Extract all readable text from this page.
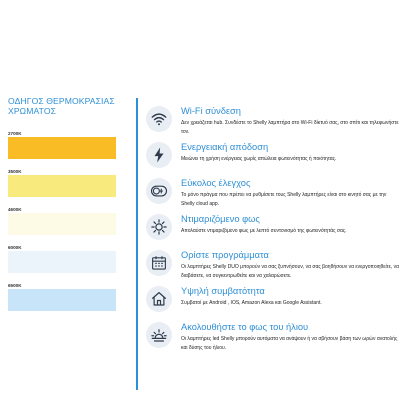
ΟΔΗΓΟΣ ΘΕΡΜΟΚΡΑΣΙΑΣ
ΧΡΩΜΑΤΟΣ
2700K
3500K
4600K
6000K
6500K
Wi-Fi σύνδεση
Δεν χρειάζεται hub. Συνδέστε το Shelly λαμπτήρα στο Wi-Fi δίκτυό σας, στο σπίτι και τηλεφωνήστε τον.
Ενεργειακή απόδοση
Μειώνει τη χρήση ενέργειας χωρίς απώλεια φωτεινότητας ή ποιότητας.
Εύκολος έλεγχος
Το μόνο πράγμα που πρέπει να ρυθμίσετε τους Shelly λαμπτήρες είναι στο κινητό σας με την Shelly cloud app.
Ντιμαριζόμενο φως
Απολαύστε ντιμαριζόμενο φως με λεπτό συντονισμό της φωτεινότητάς σας.
Ορίστε προγράμματα
Οι λαμπτήρες Shelly DUO μπορούν να σας ξυπνήσουν, να σας βοηθήσουν να ενεργοποιηθείτε, να διαβάσετε, να συγκεντρωθείτε και να χαλαρώσετε.
Υψηλή συμβατότητα
Συμβατοί με Android , IOS, Amazon Alexa και Google Assistant.
Ακολουθήστε το φως του ήλιου
Οι λαμπτήρες led Shelly μπορούν αυτόματα να ανάψουν ή να σβήσουν βάση των ωρών ανατολής και δύσης του ήλιου.
